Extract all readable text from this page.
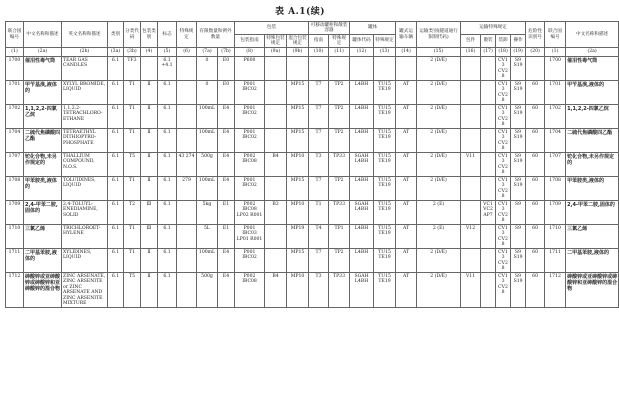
表 A.1(续)
联合国编号	中文名称和描述	英文名称和描述	类别	分类代码	包装类别	标志	特殊规定	有限数量和例外数量		包装			可移动罐柜和散装容器		罐体		罐式运输车辆	运输类别(隧道通行限制代码)	运输特殊规定				危险性识别号	联合国编号	中文名称和描述
										包装指南	特殊包装规定	混合包装规定	指南	特殊规定	罐体代码	特殊规定			包件	散装	装卸	操作			
(1)	(2a)	(2b)	(3a)	(3b)	(4)	(5)	(6)	(7a)	(7b)	(8)	(9a)	(9b)	(10)	(11)	(12)	(13)	(14)	(15)	(16)	(17)	(18)	(19)	(20)	(1)	(2a)
1700	催泪性毒气筒	TEAR GAS CANDLES	6.1	TF3		6.1 +4.1		0	E0	P600								2 (D/E)			CV13 CV28	S9 S19		1700	催泪性毒气筒
1701	甲苄基溴,液体的	XYLYL BROMIDE, LIQUID	6.1	T1	Ⅱ	6.1		0	E0	P001 IBC02		MP15	T7	TP2	L4BH	TU15 TE19	AT	2 (D/E)			CV13 CV28	S9 S19	60	1701	甲苄基溴,液体的
1702	1,1,2,2-四氯乙烷	1,1,2,2-TETRACHLORO-ETHANE	6.1	T1	Ⅱ	6.1		100mL	E4	P001 IBC02		MP15	T7	TP2	L4BH	TU15 TE19	AT	2 (D/E)			CV13 CV28	S9 S19	60	1702	1,1,2,2-四氯乙烷
1704	二硫代焦磷酸四乙酯	TETRAETHYL DITHIOPYRO-PHOSPHATE	6.1	T1	Ⅱ	6.1		100mL	E4	P001 IBC02		MP15	T7	TP2	L4BH	TU15 TE19	AT	2 (D/E)			CV13 CV28	S9 S19	60	1704	二硫代焦磷酸四乙酯
1707	铊化合物,未另作规定的	THALLIUM COMPOUND, N.O.S.	6.1	T5	Ⅱ	6.1	43 274	500g	E4	P002 IBC08	B4	MP10	T3	TP33	SGAH L4BH	TU15 TE19	AT	2 (D/E)	V11		CV13 CV28	S9 S19	60	1707	铊化合物,未另作规定的
1708	甲苯胺类,液体的	TOLUIDINES, LIQUID	6.1	T1	Ⅱ	6.1	279	100mL	E4	P001 IBC02		MP15	T7	TP2	L4BH	TU15 TE19	AT	2 (D/E)			CV13 CV28	S9 S19	60	1708	甲苯胺类,液体的
1709	2,4-甲苯二胺,固体的	2,4-TOLUYL-ENEDIAMINE, SOLID	6.1	T2	Ⅲ	6.1		5kg	E1	P002 IBC08 LP02 R001	B3	MP10	T1	TP33	SGAH L4BH	TU15 TE19	AT	2 (E)		VC1 VC2 AP7	CV13 CV28	S9	60	1709	2,4-甲苯二胺,固体的
1710	三氯乙烯	TRICHLOROET-HYLENE	6.1	T1	Ⅲ	6.1		5L	E1	P001 IBC03 LP01 R001		MP19	T4	TP1	L4BH	TU15 TE19	AT	2 (E)	V12		CV13 CV28	S9	60	1710	三氯乙烯
1711	二甲基苯胺,液体的	XYLIDINES, LIQUID	6.1	T1	Ⅱ	6.1		100mL	E4	P001 IBC02		MP15	T7	TP2	L4BH	TU15 TE19	AT	2 (D/E)			CV13 CV28	S9 S19	60	1711	二甲基苯胺,液体的
1712	砷酸锌或亚砷酸锌或砷酸锌和亚砷酸锌的混合物	ZINC ARSENATE, ZINC ARSENITE or ZINC ARSENATE AND ZINC ARSENITE MIXTURE	6.1	T5	Ⅱ	6.1		500g	E4	P002 IBC08	B4	MP10	T3	TP33	SGAH L4BH	TU15 TE19	AT	2 (D/E)	V11		CV13 CV28	S9 S19	60	1712	砷酸锌或亚砷酸锌或砷酸锌和亚砷酸锌的混合物
